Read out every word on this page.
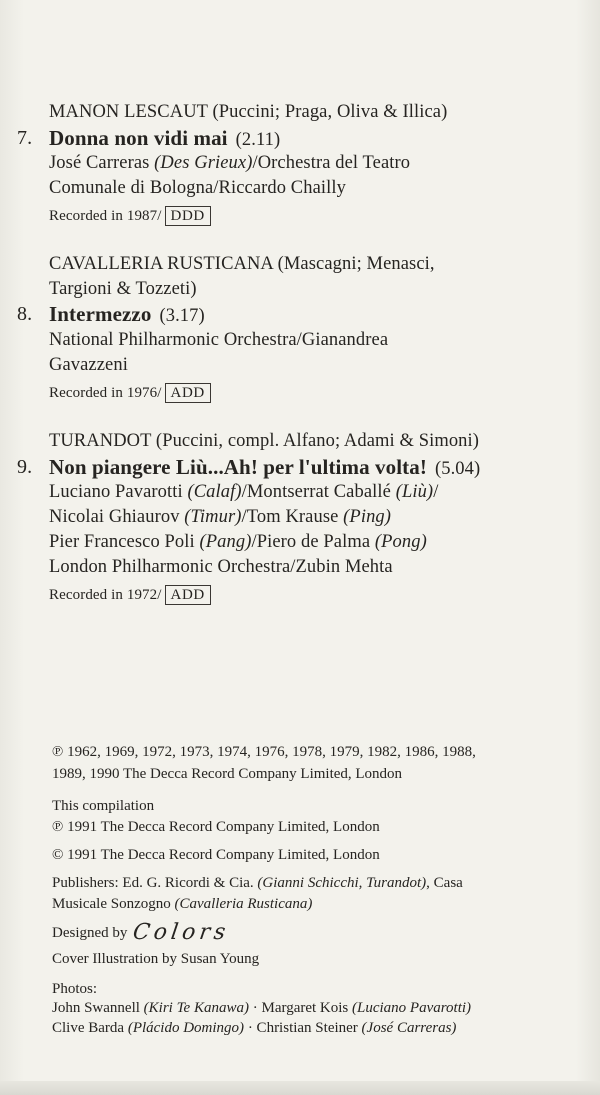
MANON LESCAUT (Puccini; Praga, Oliva & Illica)
7. Donna non vidi mai (2.11)
José Carreras (Des Grieux)/Orchestra del Teatro
Comunale di Bologna/Riccardo Chailly
Recorded in 1987/ DDD
CAVALLERIA RUSTICANA (Mascagni; Menasci,
Targioni & Tozzeti)
8. Intermezzo (3.17)
National Philharmonic Orchestra/Gianandrea
Gavazzeni
Recorded in 1976/ ADD
TURANDOT (Puccini, compl. Alfano; Adami & Simoni)
9. Non piangere Liù...Ah! per l'ultima volta! (5.04)
Luciano Pavarotti (Calaf)/Montserrat Caballé (Liù)/
Nicolai Ghiaurov (Timur)/Tom Krause (Ping)
Pier Francesco Poli (Pang)/Piero de Palma (Pong)
London Philharmonic Orchestra/Zubin Mehta
Recorded in 1972/ ADD
℗ 1962, 1969, 1972, 1973, 1974, 1976, 1978, 1979, 1982, 1986, 1988,
1989, 1990 The Decca Record Company Limited, London
This compilation
℗ 1991 The Decca Record Company Limited, London
© 1991 The Decca Record Company Limited, London
Publishers: Ed. G. Ricordi & Cia. (Gianni Schicchi, Turandot), Casa
Musicale Sonzogno (Cavalleria Rusticana)
Designed by Colors
Cover Illustration by Susan Young
Photos:
John Swannell (Kiri Te Kanawa) · Margaret Kois (Luciano Pavarotti)
Clive Barda (Plácido Domingo) · Christian Steiner (José Carreras)
